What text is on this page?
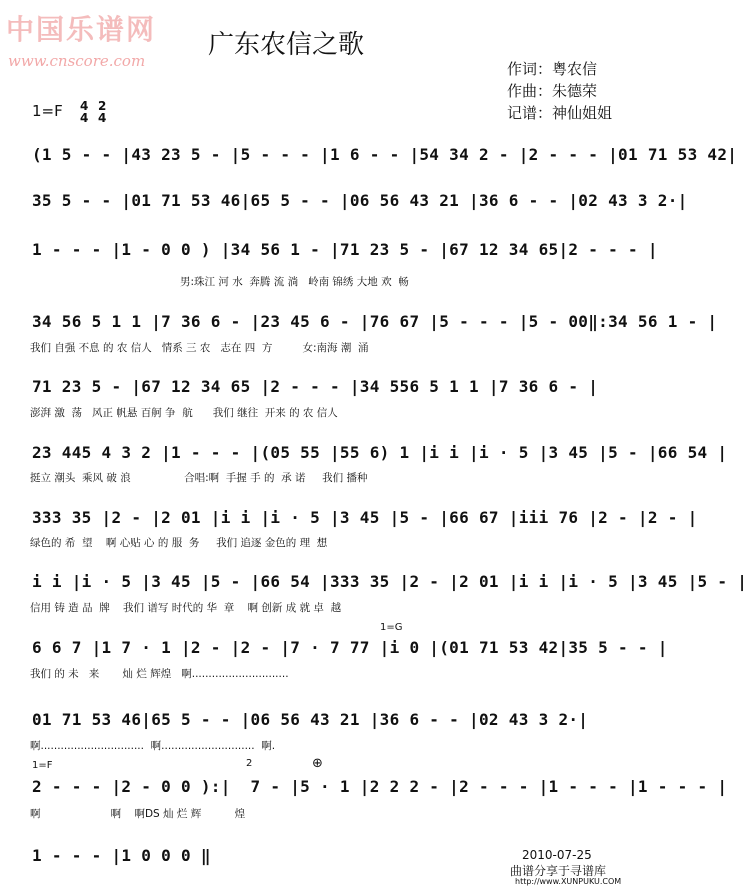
中国乐谱网
www.cnscore.com
广东农信之歌
作词：粤农信
作曲：朱德荣
记谱：神仙姐姐
1=F 4
4
2
4
(1 5 - - |43 23 5 - |5 - - - |1 6 - - |54 34 2 - |2 - - - |01 71 53 42|
35 5 - - |01 71 53 46|65 5 - - |06 56 43 21 |36 6 - - |02 43 3 2·|
1 - - - |1 - 0 0 ) |34 56 1 - |71 23 5 - |67 12 34 65|2 - - - |
男:珠江 河 水  奔腾 流 淌   岭南 锦绣 大地 欢  畅
34 56 5 1 1 |7 36 6 - |23 45 6 - |76 67 |5 - - - |5 - 00‖:34 56 1 - |
我们 自强 不息 的 农 信人   情系 三 农   志在 四  方         女:南海 潮  涌
71 23 5 - |67 12 34 65 |2 - - - |34 556 5 1 1 |7 36 6 - |
澎湃 激  荡   风正 帆悬 百舸 争  航      我们 继往  开来 的 农 信人
23 445 4 3 2 |1 - - - |(05 55 |55 6) 1 |i i |i · 5 |3 45 |5 - |66 54 |
挺立 潮头  乘风 破 浪                合唱:啊  手握 手 的  承 诺     我们 播种
333 35 |2 - |2 01 |i i |i · 5 |3 45 |5 - |66 67 |iii 76 |2 - |2 - |
绿色的 希  望    啊 心贴 心 的 服  务     我们 追逐 金色的 理  想
i i |i · 5 |3 45 |5 - |66 54 |333 35 |2 - |2 01 |i i |i · 5 |3 45 |5 - |
信用 铸 造 品  牌    我们 谱写 时代的 华  章    啊 创新 成 就 卓  越
1=G
6 6 7 |1 7 · 1 |2 - |2 - |7 · 7 77 |i 0 |(01 71 53 42|35 5 - - |
我们 的 未   来       灿 烂 辉煌   啊.............................
01 71 53 46|65 5 - - |06 56 43 21 |36 6 - - |02 43 3 2·|
啊...............................  啊............................  啊.
1=F	2	⊕
2 - - - |2 - 0 0 ):|  7 - |5 · 1 |2 2 2 - |2 - - - |1 - - - |1 - - - |
啊                     啊    啊DS 灿 烂 辉          煌
1 - - - |1 0 0 0 ‖	2010-07-25
曲谱分享于寻谱库
http://www.XUNPUKU.COM
